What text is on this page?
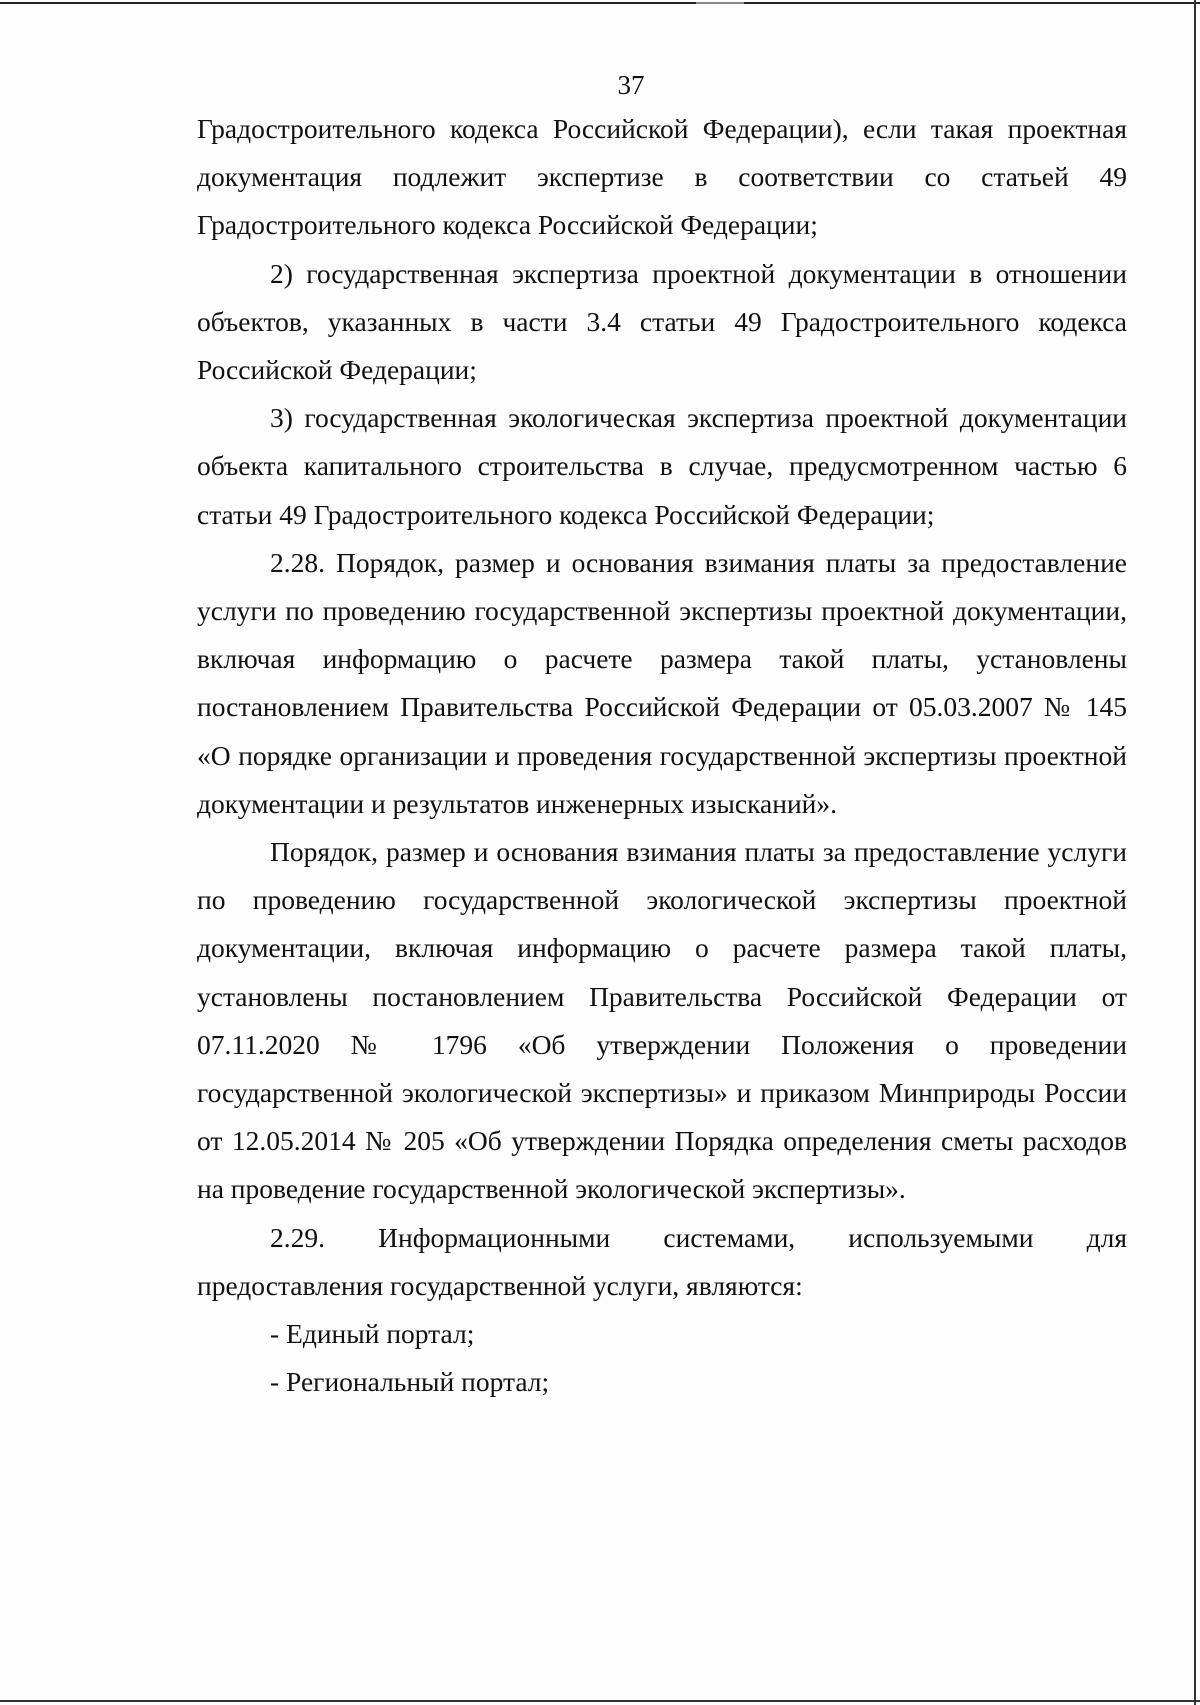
37

Градостроительного кодекса Российской Федерации), если такая проектная документация подлежит экспертизе в соответствии со статьей 49 Градостроительного кодекса Российской Федерации;

2) государственная экспертиза проектной документации в отношении объектов, указанных в части 3.4 статьи 49 Градостроительного кодекса Российской Федерации;

3) государственная экологическая экспертиза проектной документации объекта капитального строительства в случае, предусмотренном частью 6 статьи 49 Градостроительного кодекса Российской Федерации;

2.28. Порядок, размер и основания взимания платы за предоставление услуги по проведению государственной экспертизы проектной документации, включая информацию о расчете размера такой платы, установлены постановлением Правительства Российской Федерации от 05.03.2007 № 145 «О порядке организации и проведения государственной экспертизы проектной документации и результатов инженерных изысканий».

Порядок, размер и основания взимания платы за предоставление услуги по проведению государственной экологической экспертизы проектной документации, включая информацию о расчете размера такой платы, установлены постановлением Правительства Российской Федерации от 07.11.2020 № 1796 «Об утверждении Положения о проведении государственной экологической экспертизы» и приказом Минприроды России от 12.05.2014 № 205 «Об утверждении Порядка определения сметы расходов на проведение государственной экологической экспертизы».

2.29. Информационными системами, используемыми для предоставления государственной услуги, являются:

- Единый портал;

- Региональный портал;
